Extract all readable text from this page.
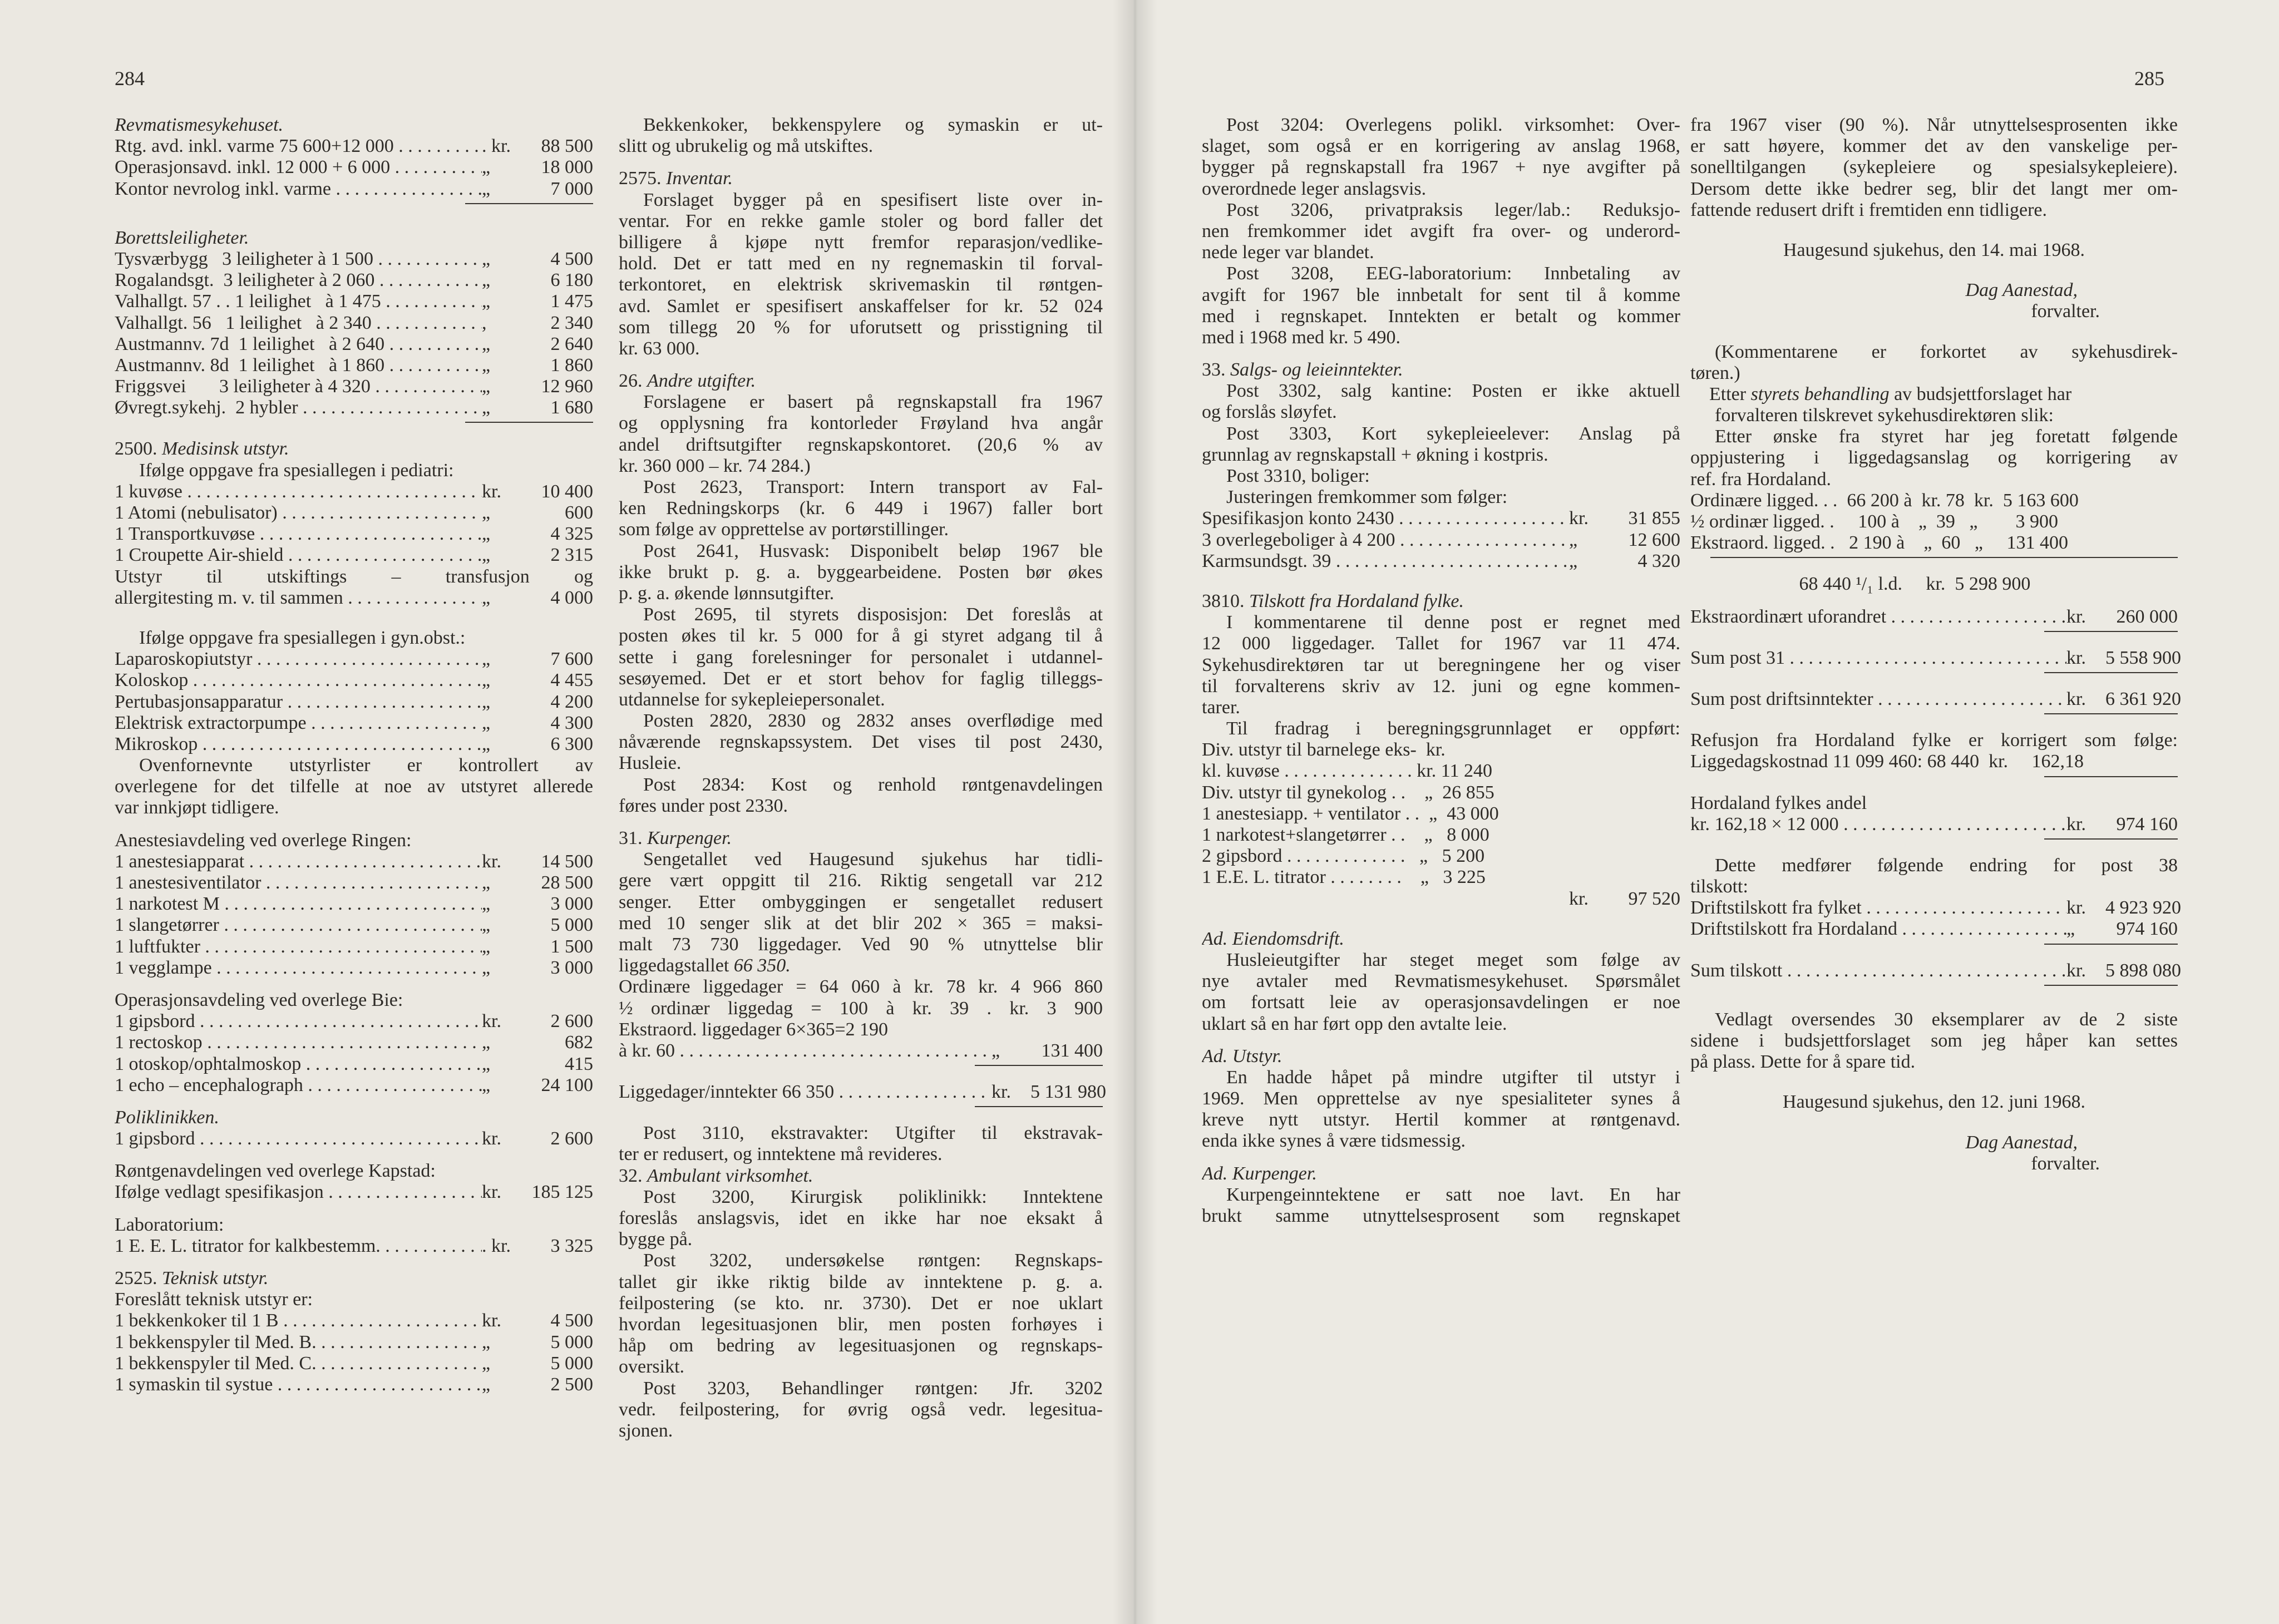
284
Revmatismesykehuset.
Rtg. avd. inkl. varme 75 600+12 000 . . .	. kr.	88 500
Operasjonsavd. inkl. 12 000 + 6 000 . . .	„	18 000
Kontor nevrolog inkl. varme . . .	„	7 000
Borettsleiligheter.
Tysværbygg   3 leiligheter à 1 500 . . .	„	4 500
Rogalandsgt.  3 leiligheter à 2 060 . . .	„	6 180
Valhallgt. 57 . . 1 leilighet   à 1 475 . . .	„	1 475
Valhallgt. 56   1 leilighet   à 2 340 . . .	,	2 340
Austmannv. 7d  1 leilighet   à 2 640 . . .	„	2 640
Austmannv. 8d  1 leilighet   à 1 860 . . .	„	1 860
Friggsvei       3 leiligheter à 4 320 . . .	„	12 960
Øvregt.sykehj.  2 hybler . . .	„	1 680
2500. Medisinsk utstyr.
Ifølge oppgave fra spesiallegen i pediatri:
1 kuvøse . . .	kr.	10 400
1 Atomi (nebulisator) . . .	„	600
1 Transportkuvøse . . .	„	4 325
1 Croupette Air-shield . . .	„	2 315
Utstyr til utskiftings – transfusjon og
allergitesting m. v. til sammen . . .	„	4 000
Ifølge oppgave fra spesiallegen i gyn.obst.:
Laparoskopiutstyr . . .	„	7 600
Koloskop . . .	„	4 455
Pertubasjonsapparatur . . .	„	4 200
Elektrisk extractorpumpe . . .	„	4 300
Mikroskop . . .	„	6 300
Ovenfornevnte utstyrlister er kontrollert av
overlegene for det tilfelle at noe av utstyret allerede
var innkjøpt tidligere.
Anestesiavdeling ved overlege Ringen:
1 anestesiapparat . . .	kr.	14 500
1 anestesiventilator . . .	„	28 500
1 narkotest M . . .	„	3 000
1 slangetørrer . . .	„	5 000
1 luftfukter . . .	„	1 500
1 vegglampe . . .	„	3 000
Operasjonsavdeling ved overlege Bie:
1 gipsbord . . .	kr.	2 600
1 rectoskop . . .	„	682
1 otoskop/ophtalmoskop . . .	„	415
1 echo – encephalograph . . .	„	24 100
Poliklinikken.
1 gipsbord . . .	kr.	2 600
Røntgenavdelingen ved overlege Kapstad:
Ifølge vedlagt spesifikasjon . . .	kr.	185 125
Laboratorium:
1 E. E. L. titrator for kalkbestemm. . . .	. kr.	3 325
2525. Teknisk utstyr.
Foreslått teknisk utstyr er:
1 bekkenkoker til 1 B . . .	kr.	4 500
1 bekkenspyler til Med. B. . . .	„	5 000
1 bekkenspyler til Med. C. . . .	„	5 000
1 symaskin til systue . . .	„	2 500
Bekkenkoker, bekkenspylere og symaskin er ut-
slitt og ubrukelig og må utskiftes.
2575. Inventar.
Forslaget bygger på en spesifisert liste over in-
ventar. For en rekke gamle stoler og bord faller det
billigere å kjøpe nytt fremfor reparasjon/vedlike-
hold. Det er tatt med en ny regnemaskin til forval-
terkontoret, en elektrisk skrivemaskin til røntgen-
avd. Samlet er spesifisert anskaffelser for kr. 52 024
som tillegg 20 % for uforutsett og prisstigning til
kr. 63 000.
26. Andre utgifter.
Forslagene er basert på regnskapstall fra 1967
og opplysning fra kontorleder Frøyland hva angår
andel driftsutgifter regnskapskontoret. (20,6 % av
kr. 360 000 – kr. 74 284.)
Post 2623, Transport: Intern transport av Fal-
ken Redningskorps (kr. 6 449 i 1967) faller bort
som følge av opprettelse av portørstillinger.
Post 2641, Husvask: Disponibelt beløp 1967 ble
ikke brukt p. g. a. byggearbeidene. Posten bør økes
p. g. a. økende lønnsutgifter.
Post 2695, til styrets disposisjon: Det foreslås at
posten økes til kr. 5 000 for å gi styret adgang til å
sette i gang forelesninger for personalet i utdannel-
sesøyemed. Det er et stort behov for faglig tilleggs-
utdannelse for sykepleiepersonalet.
Posten 2820, 2830 og 2832 anses overflødige med
nåværende regnskapssystem. Det vises til post 2430,
Husleie.
Post 2834: Kost og renhold røntgenavdelingen
føres under post 2330.
31. Kurpenger.
Sengetallet ved Haugesund sjukehus har tidli-
gere vært oppgitt til 216. Riktig sengetall var 212
senger. Etter ombyggingen er sengetallet redusert
med 10 senger slik at det blir 202 × 365 = maksi-
malt 73 730 liggedager. Ved 90 % utnyttelse blir
liggedagstallet 66 350.
Ordinære liggedager = 64 060 à kr. 78 kr. 4 966 860
½ ordinær liggedag = 100 à kr. 39 . kr. 3 900
Ekstraord. liggedager 6×365=2 190
à kr. 60 . . .	„	131 400
Liggedager/inntekter 66 350 . . .	kr.	5 131 980
Post 3110, ekstravakter: Utgifter til ekstravak-
ter er redusert, og inntektene må revideres.
32. Ambulant virksomhet.
Post 3200, Kirurgisk poliklinikk: Inntektene
foreslås anslagsvis, idet en ikke har noe eksakt å
bygge på.
Post 3202, undersøkelse røntgen: Regnskaps-
tallet gir ikke riktig bilde av inntektene p. g. a.
feilpostering (se kto. nr. 3730). Det er noe uklart
hvordan legesituasjonen blir, men posten forhøyes i
håp om bedring av legesituasjonen og regnskaps-
oversikt.
Post 3203, Behandlinger røntgen: Jfr. 3202
vedr. feilpostering, for øvrig også vedr. legesitua-
sjonen.
285
Post 3204: Overlegens polikl. virksomhet: Over-
slaget, som også er en korrigering av anslag 1968,
bygger på regnskapstall fra 1967 + nye avgifter på
overordnede leger anslagsvis.
Post 3206, privatpraksis leger/lab.: Reduksjo-
nen fremkommer idet avgift fra over- og underord-
nede leger var blandet.
Post 3208, EEG-laboratorium: Innbetaling av
avgift for 1967 ble innbetalt for sent til å komme
med i regnskapet. Inntekten er betalt og kommer
med i 1968 med kr. 5 490.
33. Salgs- og leieinntekter.
Post 3302, salg kantine: Posten er ikke aktuell
og forslås sløyfet.
Post 3303, Kort sykepleieelever: Anslag på
grunnlag av regnskapstall + økning i kostpris.
Post 3310, boliger:
Justeringen fremkommer som følger:
Spesifikasjon konto 2430 . . .	kr.	31 855
3 overlegeboliger à 4 200 . . .	„	12 600
Karmsundsgt. 39 . . .	„	4 320
3810. Tilskott fra Hordaland fylke.
I kommentarene til denne post er regnet med
12 000 liggedager. Tallet for 1967 var 11 474.
Sykehusdirektøren tar ut beregningene her og viser
til forvalterens skriv av 12. juni og egne kommen-
tarer.
Til fradrag i beregningsgrunnlaget er oppført:
Div. utstyr til barnelege eks-  kr.
kl. kuvøse . . . . . . . . . . . . . . kr. 11 240
Div. utstyr til gynekolog . .    „  26 855
1 anestesiapp. + ventilator . .  „  43 000
1 narkotest+slangetørrer . .    „   8 000
2 gipsbord . . . . . . . . . . . . .   „   5 200
1 E.E. L. titrator . . . . . . . .    „   3 225
kr.	97 520
Ad. Eiendomsdrift.
Husleieutgifter har steget meget som følge av
nye avtaler med Revmatismesykehuset. Spørsmålet
om fortsatt leie av operasjonsavdelingen er noe
uklart så en har ført opp den avtalte leie.
Ad. Utstyr.
En hadde håpet på mindre utgifter til utstyr i
1969. Men opprettelse av nye spesialiteter synes å
kreve nytt utstyr. Hertil kommer at røntgenavd.
enda ikke synes å være tidsmessig.
Ad. Kurpenger.
Kurpengeinntektene er satt noe lavt. En har
brukt samme utnyttelsesprosent som regnskapet
fra 1967 viser (90 %). Når utnyttelsesprosenten ikke
er satt høyere, kommer det av den vanskelige per-
sonelltilgangen (sykepleiere og spesialsykepleiere).
Dersom dette ikke bedrer seg, blir det langt mer om-
fattende redusert drift i fremtiden enn tidligere.
Haugesund sjukehus, den 14. mai 1968.
Dag Aanestad,
forvalter.
(Kommentarene er forkortet av sykehusdirek-
tøren.)
Etter styrets behandling av budsjettforslaget har
forvalteren tilskrevet sykehusdirektøren slik:
Etter ønske fra styret har jeg foretatt følgende
oppjustering i liggedagsanslag og korrigering av
ref. fra Hordaland.
Ordinære ligged. . .  66 200 à  kr. 78  kr.  5 163 600
½ ordinær ligged. .     100 à    „  39   „        3 900
Ekstraord. ligged. .   2 190 à    „  60   „     131 400
68 440 ¹/₁ l.d.     kr.  5 298 900
Ekstraordinært uforandret . . .	kr.	260 000
Sum post 31 . . .	kr.	5 558 900
Sum post driftsinntekter . . .	kr.	6 361 920
Refusjon fra Hordaland fylke er korrigert som følge:
Liggedagskostnad 11 099 460: 68 440  kr.     162,18
Hordaland fylkes andel
kr. 162,18 × 12 000 . . .	kr.	974 160
Dette medfører følgende endring for post 38
tilskott:
Driftstilskott fra fylket . . .	kr.	4 923 920
Driftstilskott fra Hordaland . . .	„	974 160
Sum tilskott . . .	kr.	5 898 080
Vedlagt oversendes 30 eksemplarer av de 2 siste
sidene i budsjettforslaget som jeg håper kan settes
på plass. Dette for å spare tid.
Haugesund sjukehus, den 12. juni 1968.
Dag Aanestad,
forvalter.
